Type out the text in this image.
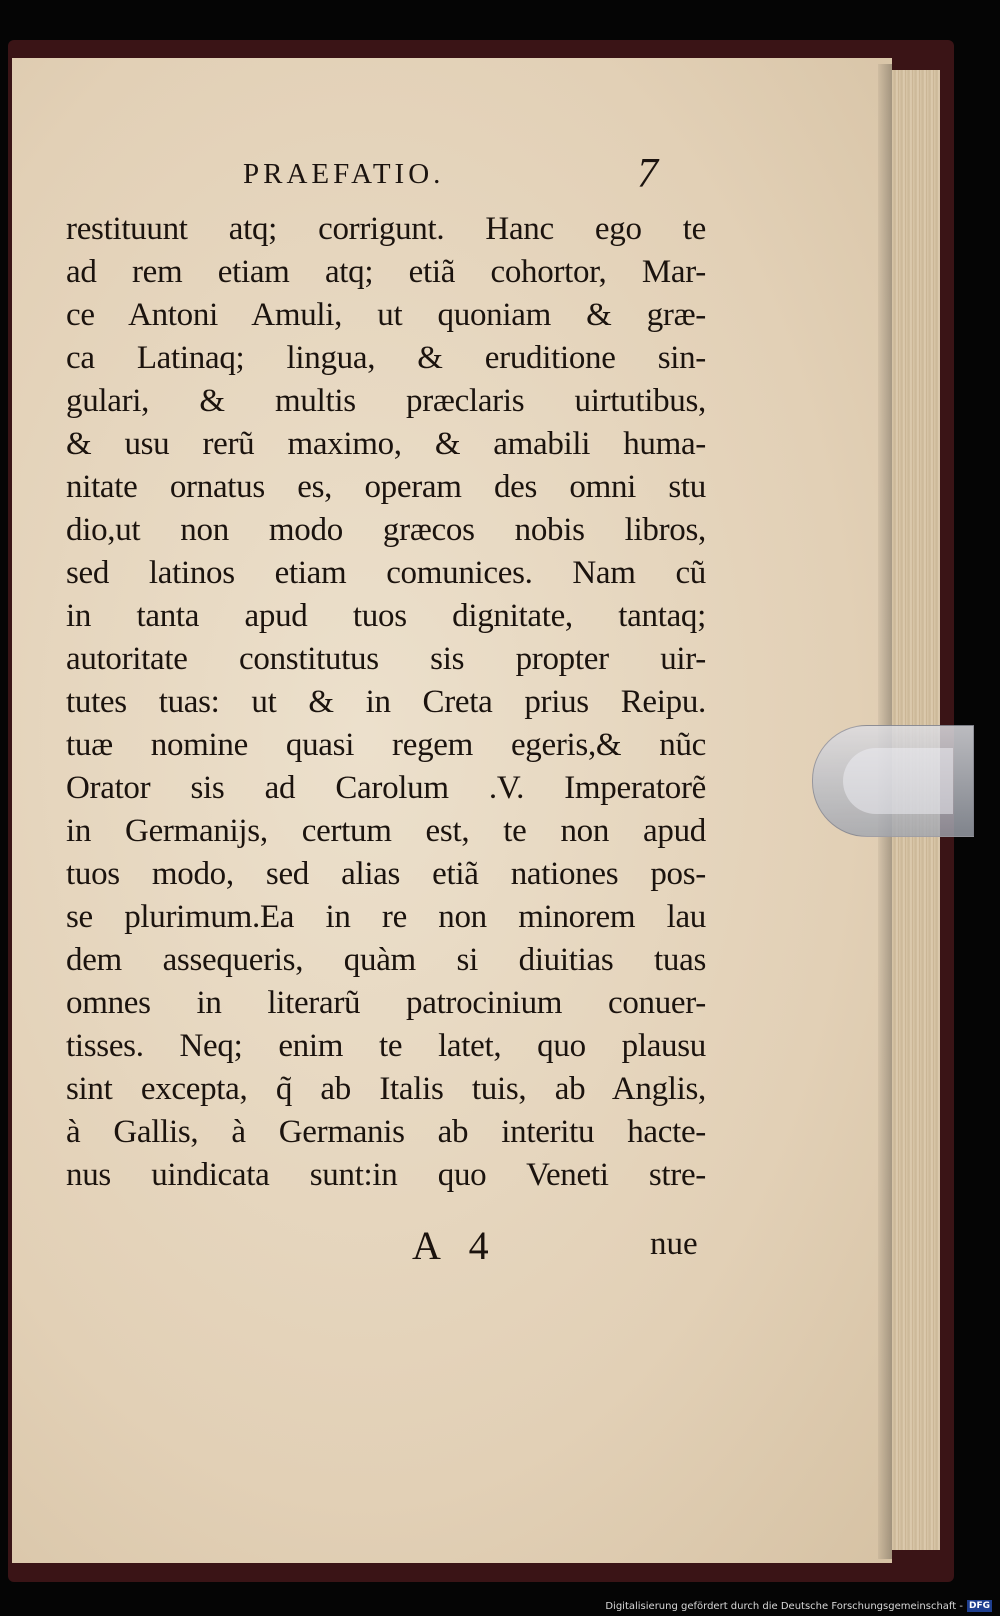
PRAEFATIO.	7
restituunt atq; corrigunt. Hanc ego te
ad rem etiam atq; etiã cohortor, Mar-
ce Antoni Amuli, ut quoniam & græ-
ca Latinaq; lingua, & eruditione sin-
gulari, & multis præclaris uirtutibus,
& usu rerũ maximo, & amabili huma-
nitate ornatus es, operam des omni stu
dio,ut non modo græcos nobis libros,
sed latinos etiam comunices. Nam cũ
in tanta apud tuos dignitate, tantaq;
autoritate constitutus sis propter uir-
tutes tuas: ut & in Creta prius Reipu.
tuæ nomine quasi regem egeris,& nũc
Orator sis ad Carolum .V. Imperatorẽ
in Germanijs, certum est, te non apud
tuos modo, sed alias etiã nationes pos-
se plurimum.Ea in re non minorem lau
dem assequeris, quàm si diuitias tuas
omnes in literarũ patrocinium conuer-
tisses. Neq; enim te latet, quo plausu
sint excepta, q̃ ab Italis tuis, ab Anglis,
à Gallis, à Germanis ab interitu hacte-
nus uindicata sunt:in quo Veneti stre-
A 4	nue
Digitalisierung gefördert durch die Deutsche Forschungsgemeinschaft - DFG
